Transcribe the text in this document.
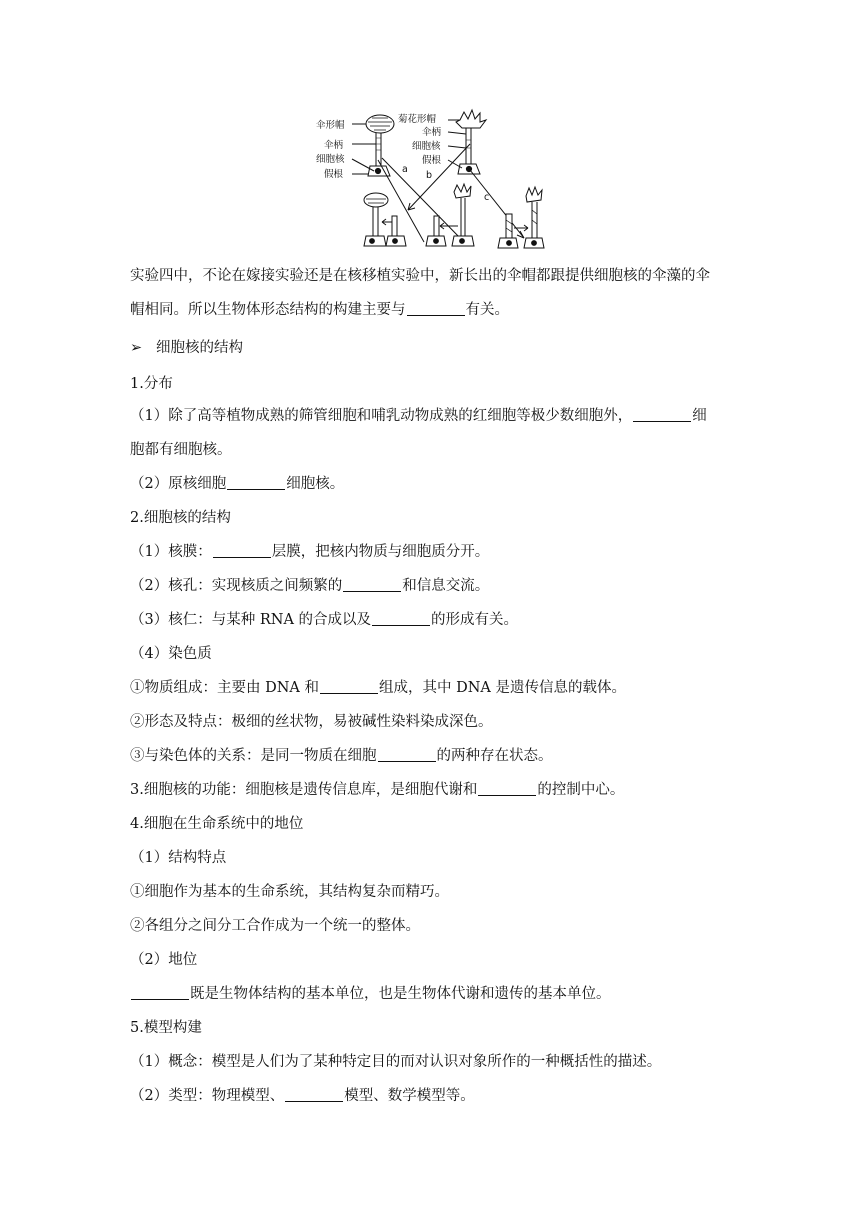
伞形帽
伞柄
细胞核
假根
菊花形帽
伞柄
细胞核
假根
a
b
c
实验四中，不论在嫁接实验还是在核移植实验中，新长出的伞帽都跟提供细胞核的伞藻的伞
帽相同。所以生物体形态结构的构建主要与	有关。
➢ 细胞核的结构
1.分布
（1）除了高等植物成熟的筛管细胞和哺乳动物成熟的红细胞等极少数细胞外，	细
胞都有细胞核。
（2）原核细胞	细胞核。
2.细胞核的结构
（1）核膜：	层膜，把核内物质与细胞质分开。
（2）核孔：实现核质之间频繁的	和信息交流。
（3）核仁：与某种 RNA 的合成以及	的形成有关。
（4）染色质
①物质组成：主要由 DNA 和	组成，其中 DNA 是遗传信息的载体。
②形态及特点：极细的丝状物，易被碱性染料染成深色。
③与染色体的关系：是同一物质在细胞	的两种存在状态。
3.细胞核的功能：细胞核是遗传信息库，是细胞代谢和	的控制中心。
4.细胞在生命系统中的地位
（1）结构特点
①细胞作为基本的生命系统，其结构复杂而精巧。
②各组分之间分工合作成为一个统一的整体。
（2）地位
既是生物体结构的基本单位，也是生物体代谢和遗传的基本单位。
5.模型构建
（1）概念：模型是人们为了某种特定目的而对认识对象所作的一种概括性的描述。
（2）类型：物理模型、	模型、数学模型等。
